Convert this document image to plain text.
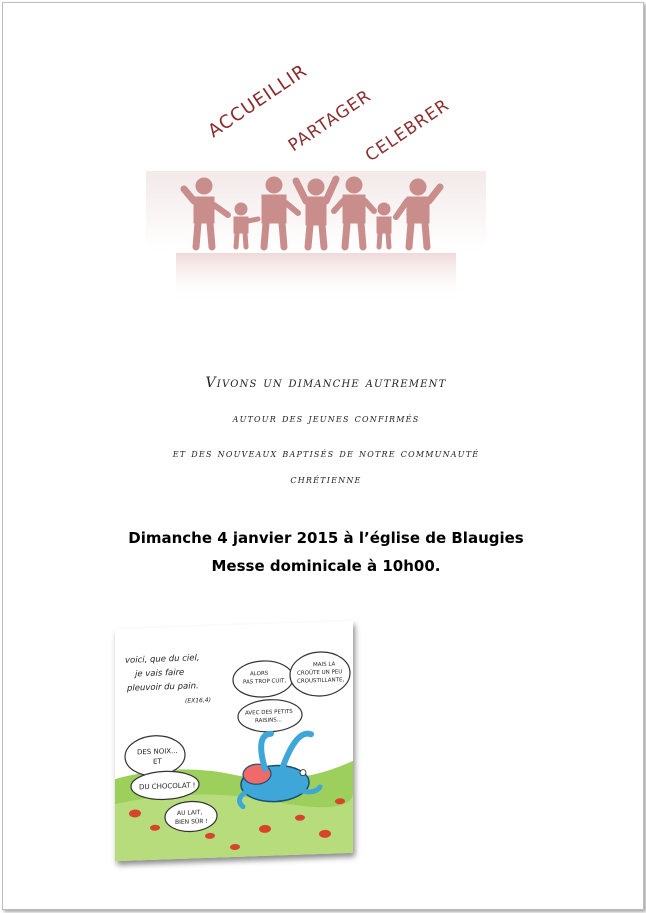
ACCUEILLIR
PARTAGER
CELEBRER
Vivons un dimanche autrement
autour des jeunes confirmés
et des nouveaux baptisés de notre communauté
chrétienne
Dimanche 4 janvier 2015 à l’église de Blaugies
Messe dominicale à 10h00.
voici, que du ciel,
je vais faire
pleuvoir du pain.
(EX16,4)
ALORS
PAS TROP CUIT,
MAIS LA
CROÛTE UN PEU
CROUSTILLANTE,
AVEC DES PETITS
RAISINS...
DES NOIX...
ET
DU CHOCOLAT !
AU LAIT,
BIEN SÛR !
